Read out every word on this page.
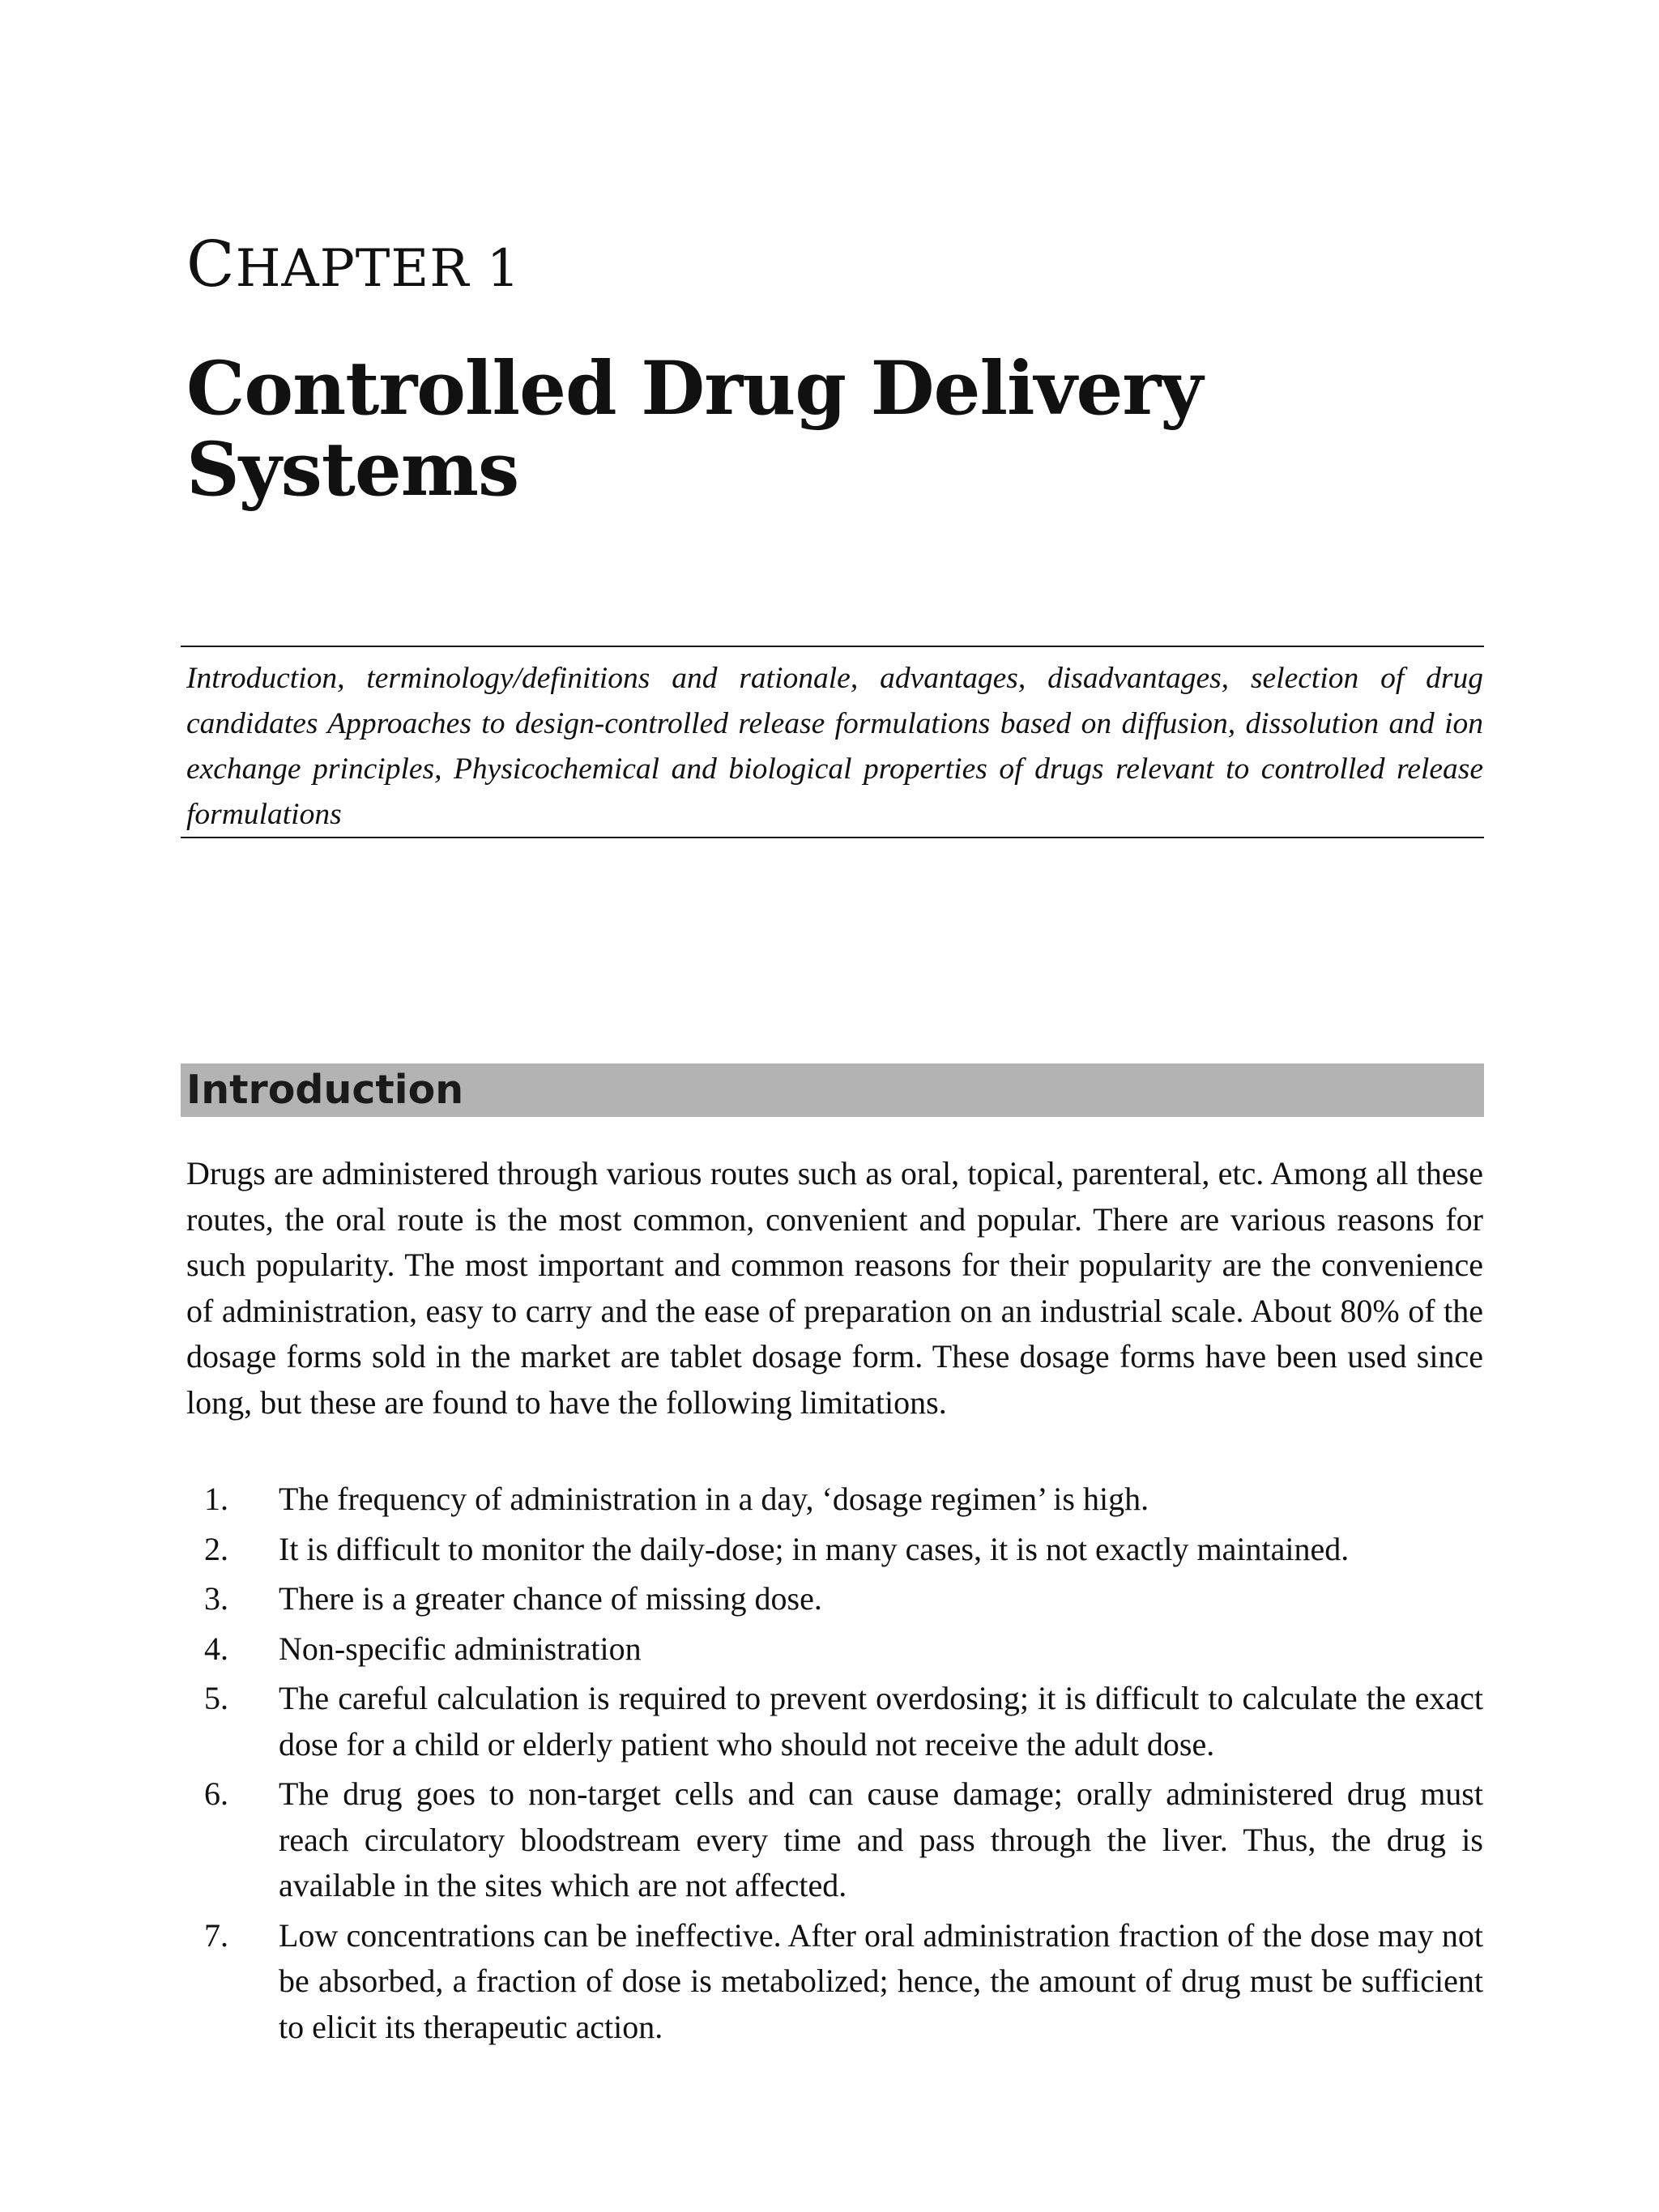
CHAPTER 1
Controlled Drug Delivery Systems
Introduction, terminology/definitions and rationale, advantages, disadvantages, selection of drug candidates Approaches to design-controlled release formulations based on diffusion, dissolution and ion exchange principles, Physicochemical and biological properties of drugs relevant to controlled release formulations
Introduction

Drugs are administered through various routes such as oral, topical, parenteral, etc. Among all these routes, the oral route is the most common, convenient and popular. There are various reasons for such popularity. The most important and common reasons for their popularity are the convenience of administration, easy to carry and the ease of preparation on an industrial scale. About 80% of the dosage forms sold in the market are tablet dosage form. These dosage forms have been used since long, but these are found to have the following limitations.

1. The frequency of administration in a day, ‘dosage regimen’ is high.
2. It is difficult to monitor the daily-dose; in many cases, it is not exactly maintained.
3. There is a greater chance of missing dose.
4. Non-specific administration
5. The careful calculation is required to prevent overdosing; it is difficult to calculate the exact dose for a child or elderly patient who should not receive the adult dose.
6. The drug goes to non-target cells and can cause damage; orally administered drug must reach circulatory bloodstream every time and pass through the liver. Thus, the drug is available in the sites which are not affected.
7. Low concentrations can be ineffective. After oral administration fraction of the dose may not be absorbed, a fraction of dose is metabolized; hence, the amount of drug must be sufficient to elicit its therapeutic action.
